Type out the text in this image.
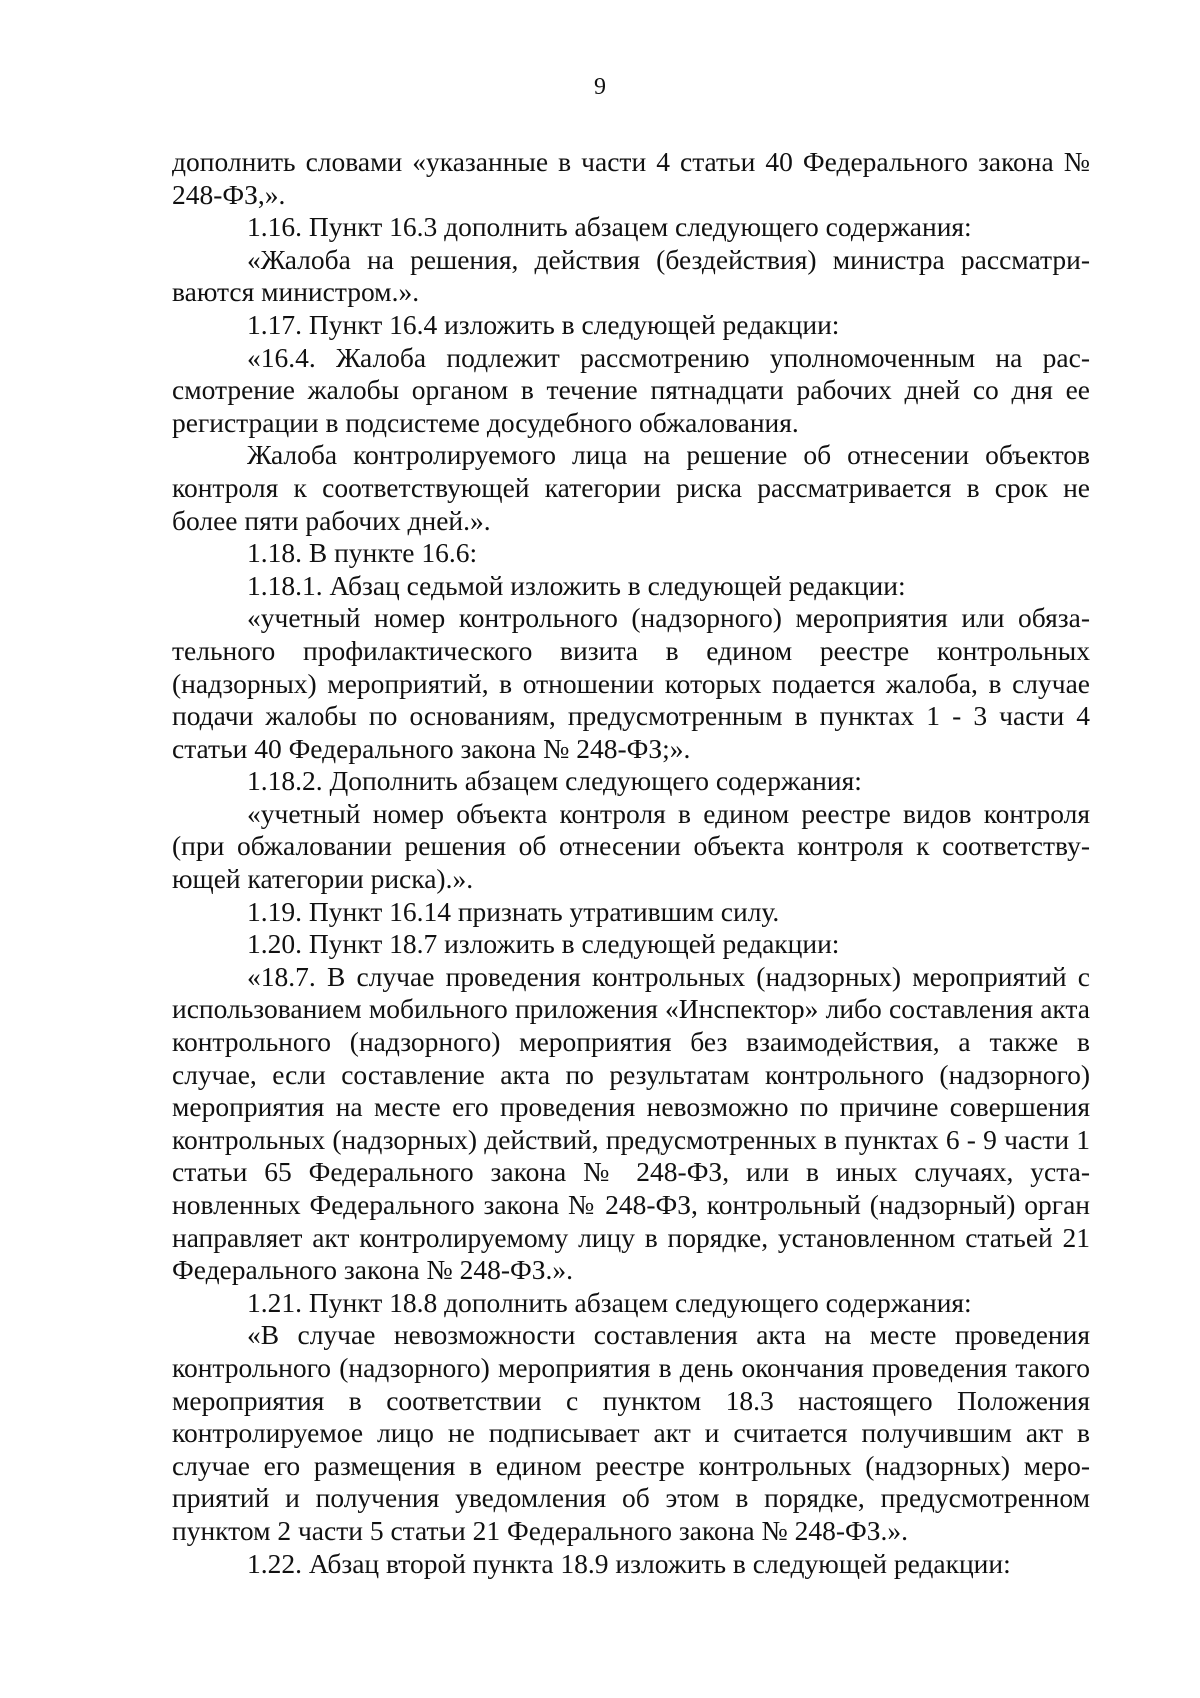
9

дополнить словами «указанные в части 4 статьи 40 Федерального закона № 248-ФЗ,».

1.16. Пункт 16.3 дополнить абзацем следующего содержания:

«Жалоба на решения, действия (бездействия) министра рассматриваются министром.».

1.17. Пункт 16.4 изложить в следующей редакции:

«16.4. Жалоба подлежит рассмотрению уполномоченным на рассмотрение жалобы органом в течение пятнадцати рабочих дней со дня ее регистрации в подсистеме досудебного обжалования.

Жалоба контролируемого лица на решение об отнесении объектов контроля к соответствующей категории риска рассматривается в срок не более пяти рабочих дней.».

1.18. В пункте 16.6:

1.18.1. Абзац седьмой изложить в следующей редакции:

«учетный номер контрольного (надзорного) мероприятия или обязательного профилактического визита в едином реестре контрольных (надзорных) мероприятий, в отношении которых подается жалоба, в случае подачи жалобы по основаниям, предусмотренным в пунктах 1 - 3 части 4 статьи 40 Федерального закона № 248-ФЗ;».

1.18.2. Дополнить абзацем следующего содержания:

«учетный номер объекта контроля в едином реестре видов контроля (при обжаловании решения об отнесении объекта контроля к соответствующей категории риска).».

1.19. Пункт 16.14 признать утратившим силу.

1.20. Пункт 18.7 изложить в следующей редакции:

«18.7. В случае проведения контрольных (надзорных) мероприятий с использованием мобильного приложения «Инспектор» либо составления акта контрольного (надзорного) мероприятия без взаимодействия, а также в случае, если составление акта по результатам контрольного (надзорного) мероприятия на месте его проведения невозможно по причине совершения контрольных (надзорных) действий, предусмотренных в пунктах 6 - 9 части 1 статьи 65 Федерального закона № 248-ФЗ, или в иных случаях, установленных Федерального закона № 248-ФЗ, контрольный (надзорный) орган направляет акт контролируемому лицу в порядке, установленном статьей 21 Федерального закона № 248-ФЗ.».

1.21. Пункт 18.8 дополнить абзацем следующего содержания:

«В случае невозможности составления акта на месте проведения контрольного (надзорного) мероприятия в день окончания проведения такого мероприятия в соответствии с пунктом 18.3 настоящего Положения контролируемое лицо не подписывает акт и считается получившим акт в случае его размещения в едином реестре контрольных (надзорных) мероприятий и получения уведомления об этом в порядке, предусмотренном пунктом 2 части 5 статьи 21 Федерального закона № 248-ФЗ.».

1.22. Абзац второй пункта 18.9 изложить в следующей редакции:
